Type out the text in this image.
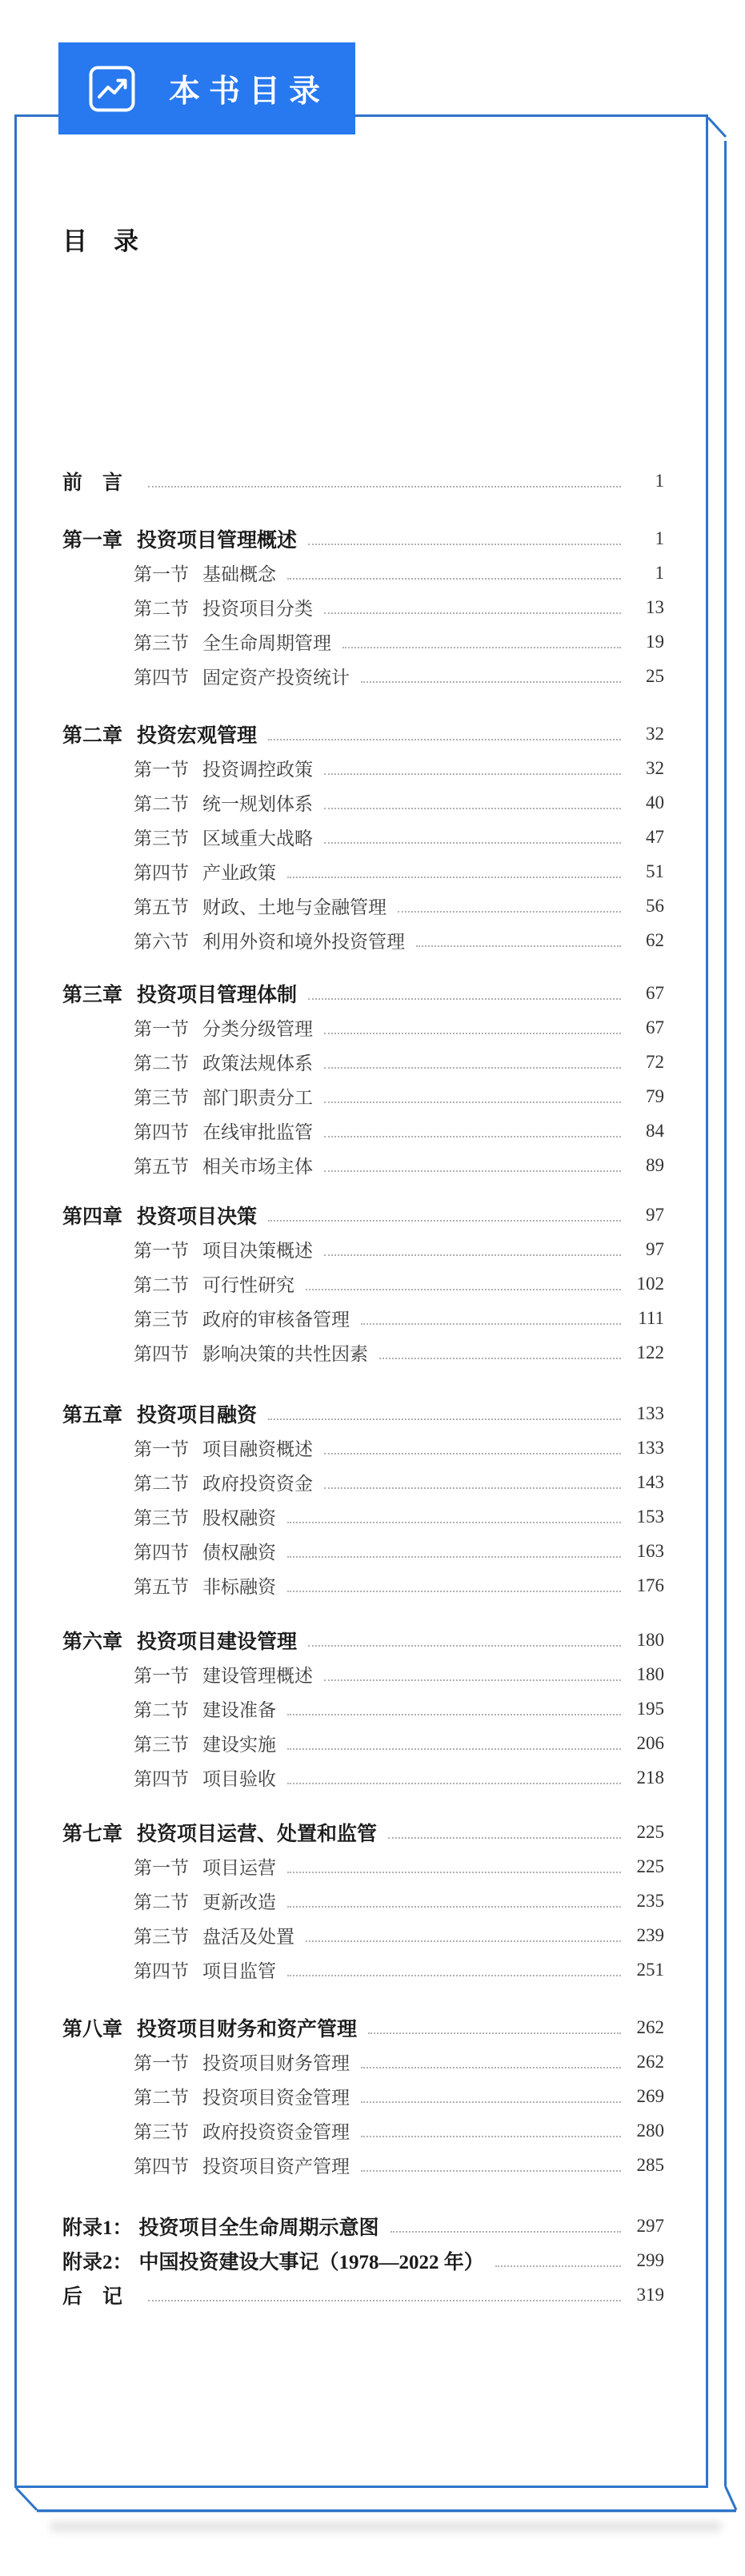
本书目录
目　录
前　言	1
第一章 投资项目管理概述	1
第一节 基础概念	1
第二节 投资项目分类	13
第三节 全生命周期管理	19
第四节 固定资产投资统计	25
第二章 投资宏观管理	32
第一节 投资调控政策	32
第二节 统一规划体系	40
第三节 区域重大战略	47
第四节 产业政策	51
第五节 财政、土地与金融管理	56
第六节 利用外资和境外投资管理	62
第三章 投资项目管理体制	67
第一节 分类分级管理	67
第二节 政策法规体系	72
第三节 部门职责分工	79
第四节 在线审批监管	84
第五节 相关市场主体	89
第四章 投资项目决策	97
第一节 项目决策概述	97
第二节 可行性研究	102
第三节 政府的审核备管理	111
第四节 影响决策的共性因素	122
第五章 投资项目融资	133
第一节 项目融资概述	133
第二节 政府投资资金	143
第三节 股权融资	153
第四节 债权融资	163
第五节 非标融资	176
第六章 投资项目建设管理	180
第一节 建设管理概述	180
第二节 建设准备	195
第三节 建设实施	206
第四节 项目验收	218
第七章 投资项目运营、处置和监管	225
第一节 项目运营	225
第二节 更新改造	235
第三节 盘活及处置	239
第四节 项目监管	251
第八章 投资项目财务和资产管理	262
第一节 投资项目财务管理	262
第二节 投资项目资金管理	269
第三节 政府投资资金管理	280
第四节 投资项目资产管理	285
附录1： 投资项目全生命周期示意图	297
附录2： 中国投资建设大事记（1978—2022 年）	299
后　记	319
